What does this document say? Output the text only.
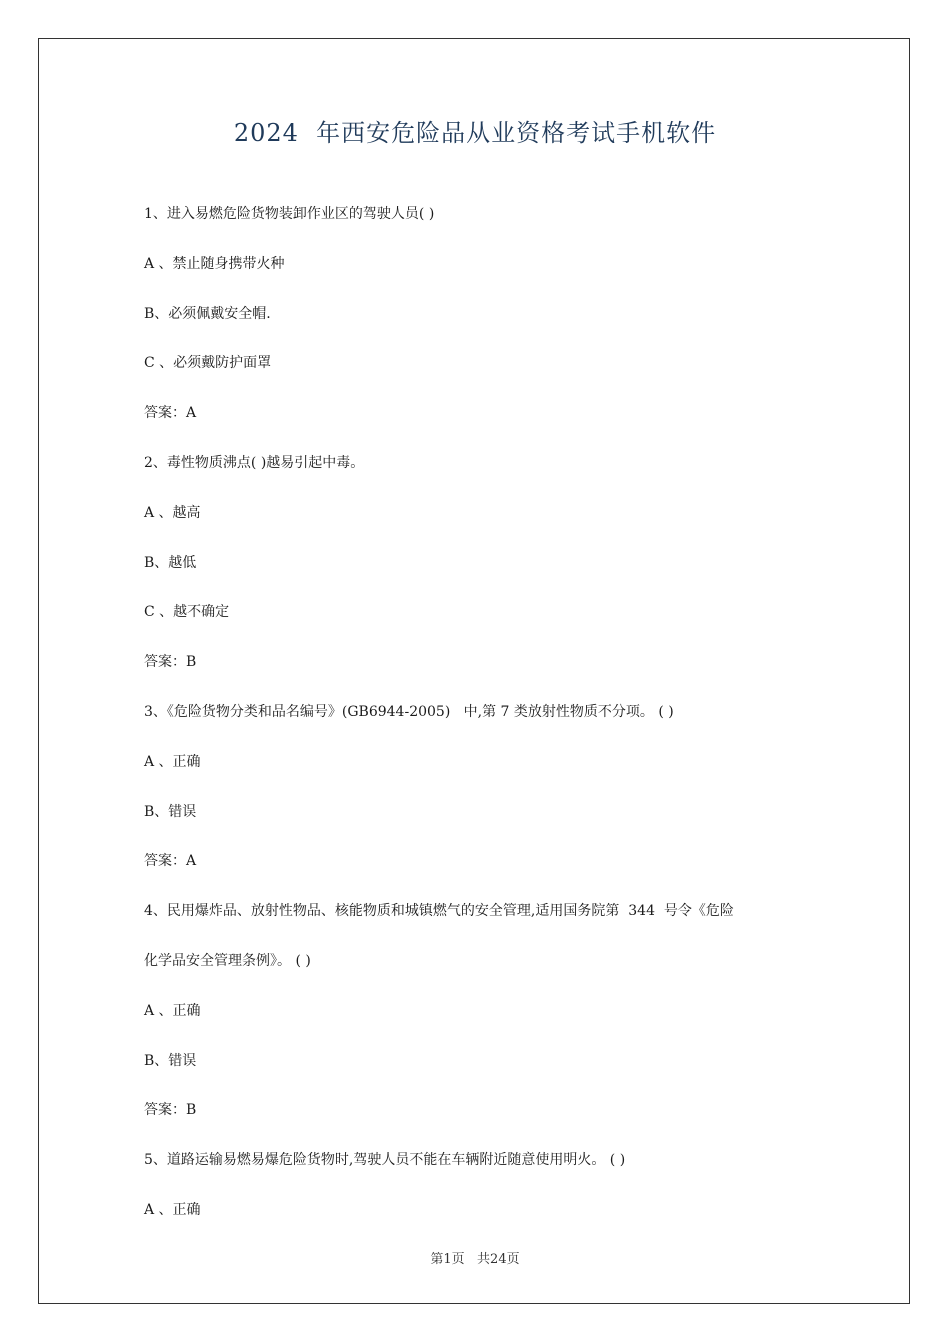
2024  年西安危险品从业资格考试手机软件

1、进入易燃危险货物装卸作业区的驾驶人员( )

A 、禁止随身携带火种

B、必须佩戴安全帽.

C 、必须戴防护面罩

答案：A

2、毒性物质沸点( )越易引起中毒。

A 、越高

B、越低

C 、越不确定

答案：B

3、《危险货物分类和品名编号》(GB6944-2005)   中,第 7 类放射性物质不分项。 ( )

A 、正确

B、错误

答案：A

4、民用爆炸品、放射性物品、核能物质和城镇燃气的安全管理,适用国务院第  344  号令《危险

化学品安全管理条例》。 ( )

A 、正确

B、错误

答案：B

5、道路运输易燃易爆危险货物时,驾驶人员不能在车辆附近随意使用明火。 ( )

A 、正确

第1页   共24页
